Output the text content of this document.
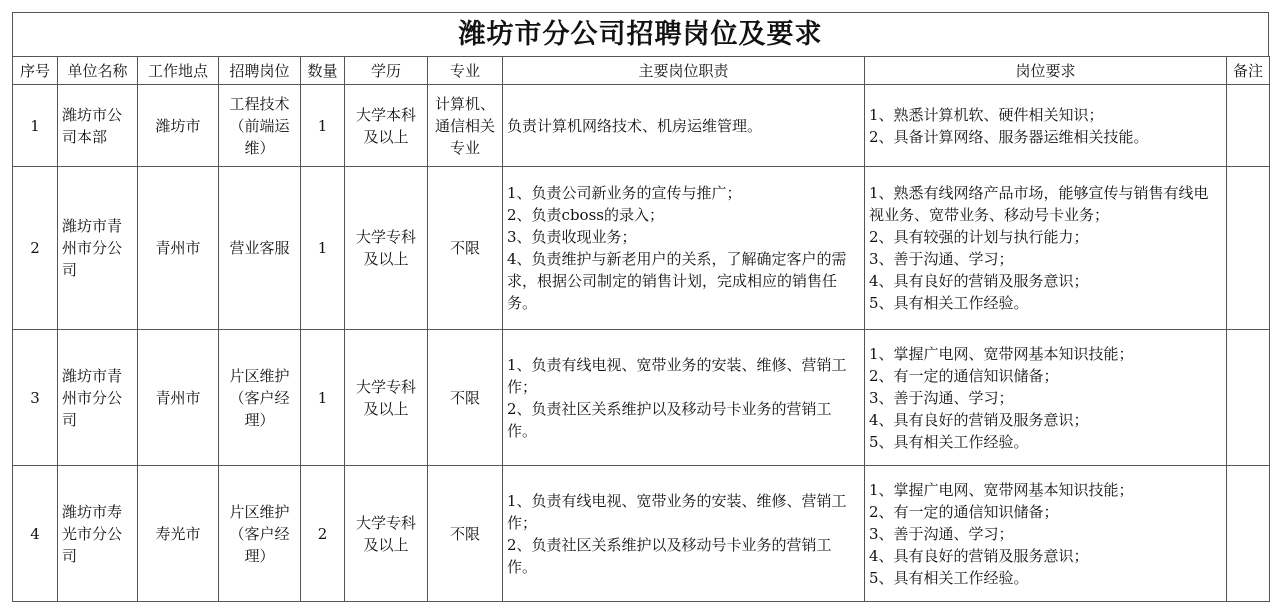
潍坊市分公司招聘岗位及要求
序号	单位名称	工作地点	招聘岗位	数量	学历	专业	主要岗位职责	岗位要求	备注
1	潍坊市公司本部	潍坊市	工程技术（前端运维）	1	大学本科及以上	计算机、通信相关专业	负责计算机网络技术、机房运维管理。	1、熟悉计算机软、硬件相关知识；
2、具备计算网络、服务器运维相关技能。	

2	潍坊市青州市分公司	青州市	营业客服	1	大学专科及以上	不限	1、负责公司新业务的宣传与推广；
2、负责cboss的录入；
3、负责收现业务；
4、负责维护与新老用户的关系，了解确定客户的需求，根据公司制定的销售计划，完成相应的销售任务。	1、熟悉有线网络产品市场，能够宣传与销售有线电视业务、宽带业务、移动号卡业务；
2、具有较强的计划与执行能力；
3、善于沟通、学习；
4、具有良好的营销及服务意识；
5、具有相关工作经验。	

3	潍坊市青州市分公司	青州市	片区维护（客户经理）	1	大学专科及以上	不限	1、负责有线电视、宽带业务的安装、维修、营销工作；
2、负责社区关系维护以及移动号卡业务的营销工作。	1、掌握广电网、宽带网基本知识技能；
2、有一定的通信知识储备；
3、善于沟通、学习；
4、具有良好的营销及服务意识；
5、具有相关工作经验。	

4	潍坊市寿光市分公司	寿光市	片区维护（客户经理）	2	大学专科及以上	不限	1、负责有线电视、宽带业务的安装、维修、营销工作；
2、负责社区关系维护以及移动号卡业务的营销工作。	1、掌握广电网、宽带网基本知识技能；
2、有一定的通信知识储备；
3、善于沟通、学习；
4、具有良好的营销及服务意识；
5、具有相关工作经验。	
